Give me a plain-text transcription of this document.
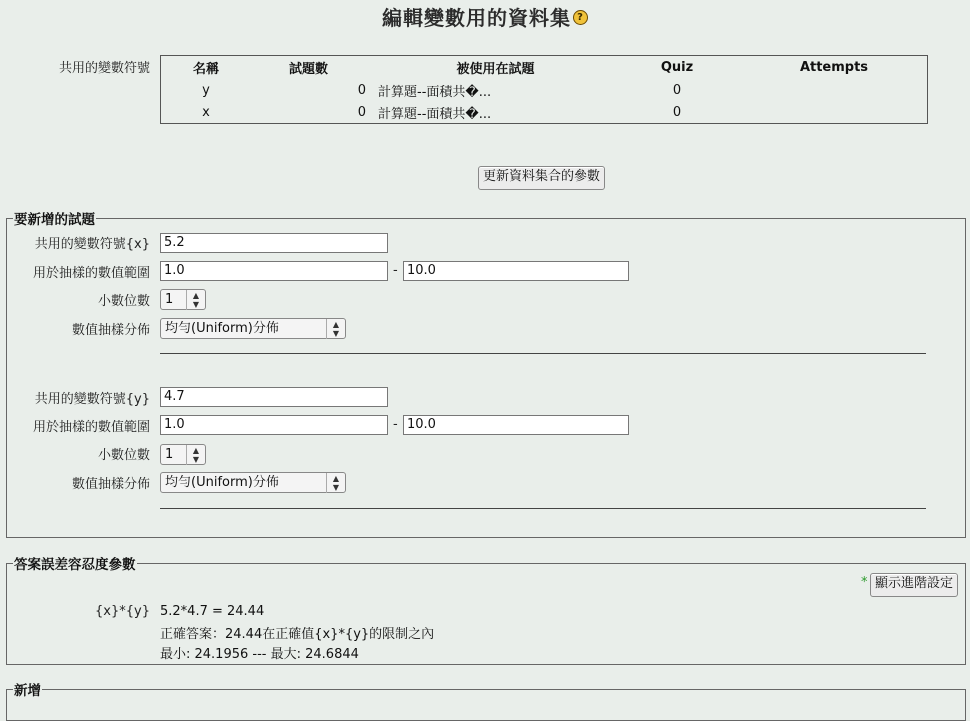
編輯變數用的資料集 ?
共用的變數符號	名稱	試題數	被使用在試題	Quiz	Attempts
y	0	計算題--面積共�...	0	
x	0	計算題--面積共�...	0	
更新資料集合的參數
要新增的試題
共用的變數符號{x}	5.2
用於抽樣的數值範圍	1.0	- 10.0
小數位數	1	▲
▼
數值抽樣分佈	均勻(Uniform)分佈	▲
▼
共用的變數符號{y}	4.7
用於抽樣的數值範圍	1.0	- 10.0
小數位數	1	▲
▼
數值抽樣分佈	均勻(Uniform)分佈	▲
▼
答案誤差容忍度參數
* 顯示進階設定
{x}*{y} 5.2*4.7 = 24.44
正確答案：24.44在正確值{x}*{y}的限制之內
最小: 24.1956 --- 最大: 24.6844
新增
